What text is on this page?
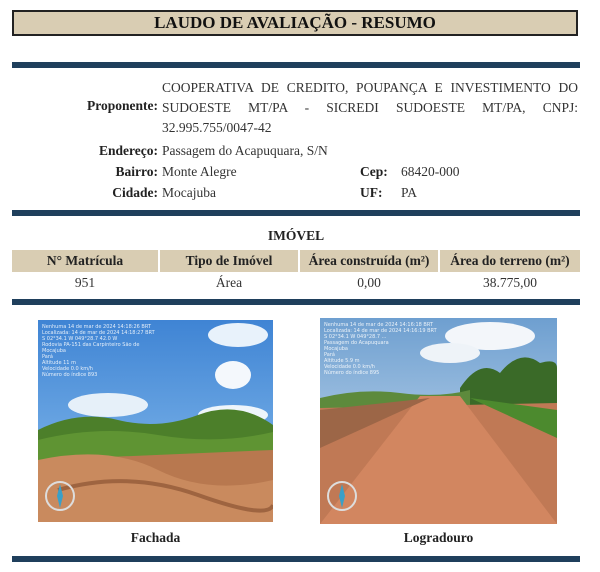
LAUDO DE AVALIAÇÃO - RESUMO
Proponente:
COOPERATIVA DE CREDITO, POUPANÇA E INVESTIMENTO DO SUDOESTE MT/PA - SICREDI SUDOESTE MT/PA, CNPJ: 32.995.755/0047-42
Endereço: Passagem do Acapuquara, S/N
Bairro: Monte Alegre
Cidade: Mocajuba
Cep: 68420-000
UF: PA
IMÓVEL
N° Matrícula	Tipo de Imóvel	Área construída (m²)	Área do terreno (m²)
951	Área	0,00	38.775,00
Nenhuma 14 de mar de 2024 14:18:26 BRT
Localizada: 14 de mar de 2024 14:18:27 BRT
S 02°34.1 W 049°28.7 42.0 W
Rodovia PA-151 das Carpinteiro São de
Mocajuba
Pará
Altitude 11 m
Velocidade 0.0 km/h
Número do índice 893
Fachada
Nenhuma 14 de mar de 2024 14:16:18 BRT
Localizada: 14 de mar de 2024 14:16:19 BRT
S 02°34.1 W 049°28.7 ...
Passagem do Acapuquara
Mocajuba
Pará
Altitude 5.9 m
Velocidade 0.0 km/h
Número do índice 895
Logradouro
